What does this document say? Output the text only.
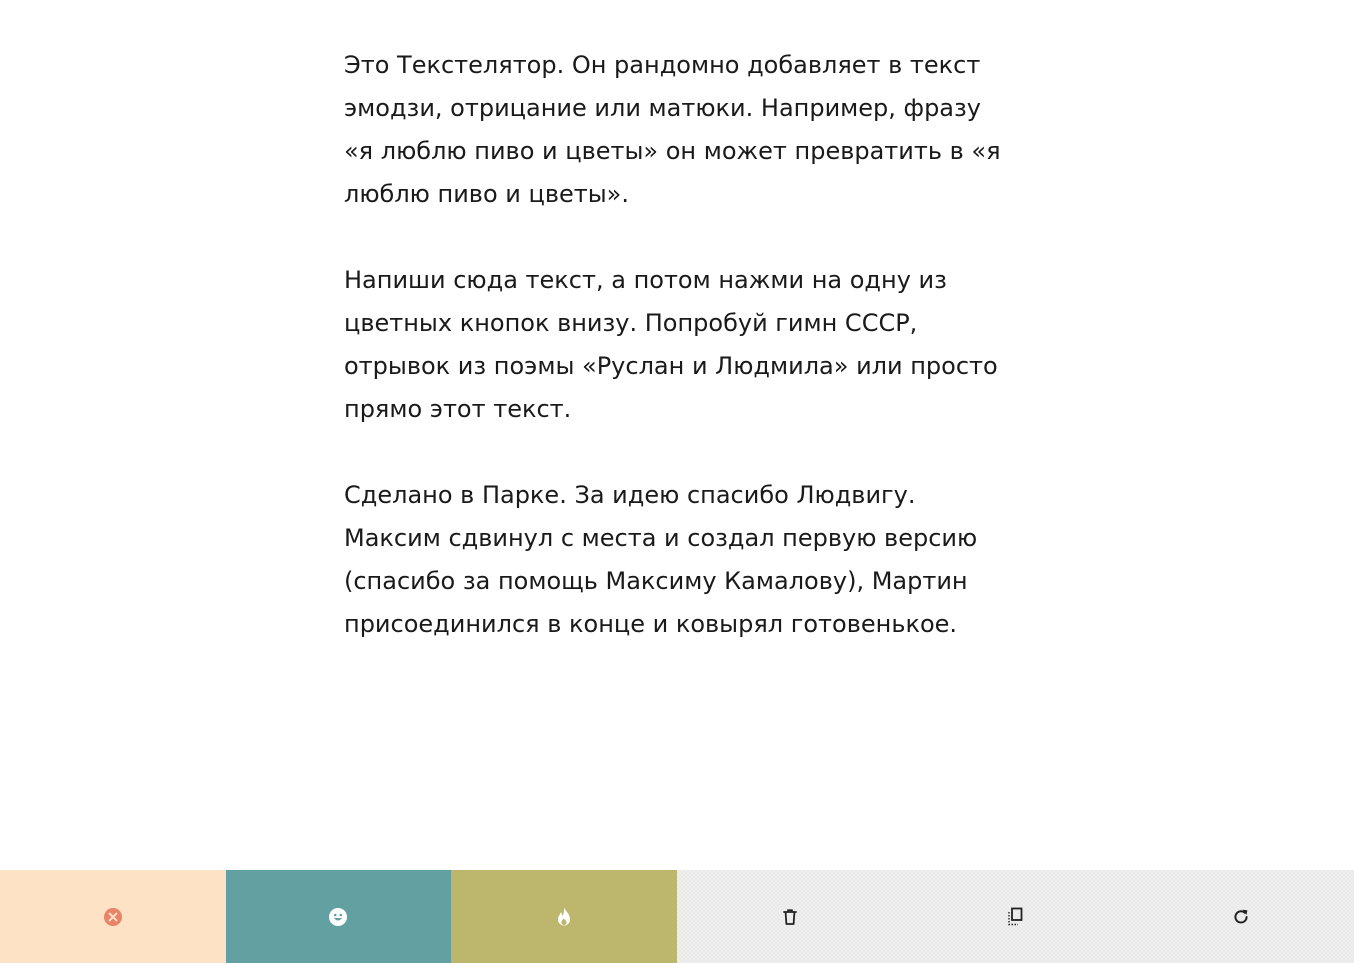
Это Текстелятор. Он рандомно добавляет в текст эмодзи, отрицание или матюки. Например, фразу «я люблю пиво и цветы» он может превратить в «я люблю пиво и цветы».

Напиши сюда текст, а потом нажми на одну из цветных кнопок внизу. Попробуй гимн СССР, отрывок из поэмы «Руслан и Людмила» или просто прямо этот текст.

Сделано в Парке. За идею спасибо Людвигу. Максим сдвинул с места и создал первую версию (спасибо за помощь Максиму Камалову), Мартин присоединился в конце и ковырял готовенькое.
